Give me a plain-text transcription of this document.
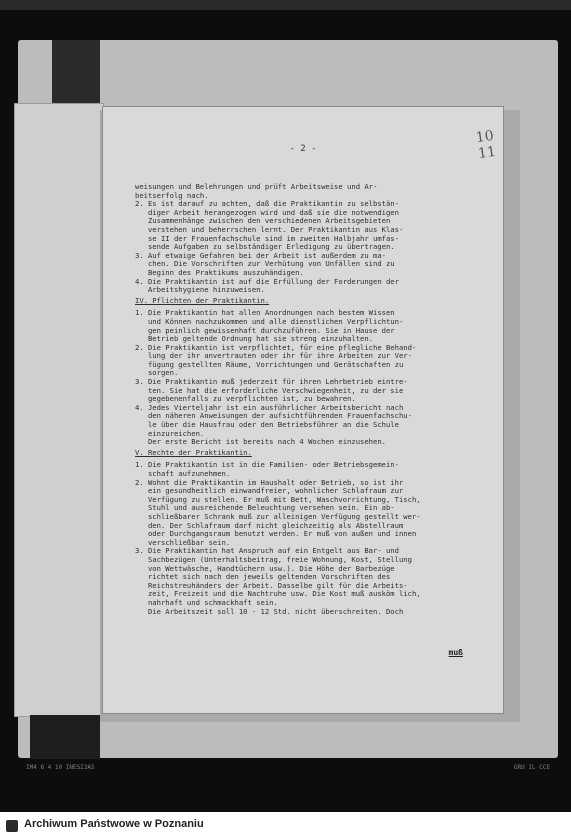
10
11
- 2 -
weisungen und Belehrungen und prüft Arbeitsweise und Ar-
beitserfolg nach.
2. Es ist darauf zu achten, daß die Praktikantin zu selbstän-
diger Arbeit herangezogen wird und daß sie die notwendigen
Zusammenhänge zwischen den verschiedenen Arbeitsgebieten
verstehen und beherrschen lernt. Der Praktikantin aus Klas-
se II der Frauenfachschule sind im zweiten Halbjahr umfas-
sende Aufgaben zu selbständiger Erledigung zu übertragen.
3. Auf etwaige Gefahren bei der Arbeit ist außerdem zu ma-
chen. Die Vorschriften zur Verhütung von Unfällen sind zu
Beginn des Praktikums auszuhändigen.
4. Die Praktikantin ist auf die Erfüllung der Forderungen der
Arbeitshygiene hinzuweisen.
IV. Pflichten der Praktikantin.
1. Die Praktikantin hat allen Anordnungen nach bestem Wissen
und Können nachzukommen und alle dienstlichen Verpflichtun-
gen peinlich gewissenhaft durchzuführen. Sie in Hause der
Betrieb geltende Ordnung hat sie streng einzuhalten.
2. Die Praktikantin ist verpflichtet, für eine pflegliche Behand-
lung der ihr anvertrauten oder ihr für ihre Arbeiten zur Ver-
fügung gestellten Räume, Vorrichtungen und Gerätschaften zu
sorgen.
3. Die Praktikantin muß jederzeit für ihren Lehrbetrieb eintre-
ten. Sie hat die erforderliche Verschwiegenheit, zu der sie
gegebenenfalls zu verpflichten ist, zu bewahren.
4. Jedes Vierteljahr ist ein ausführlicher Arbeitsbericht nach
den näheren Anweisungen der aufsichtführenden Frauenfachschu-
le über die Hausfrau oder den Betriebsführer an die Schule
einzureichen.
Der erste Bericht ist bereits nach 4 Wochen einzusehen.
V. Rechte der Praktikantin.
1. Die Praktikantin ist in die Familien- oder Betriebsgemein-
schaft aufzunehmen.
2. Wohnt die Praktikantin im Haushalt oder Betrieb, so ist ihr
ein gesundheitlich einwandfreier, wohnlicher Schlafraum zur
Verfügung zu stellen. Er muß mit Bett, Waschvorrichtung, Tisch,
Stuhl und ausreichende Beleuchtung versehen sein. Ein ab-
schließbarer Schrank muß zur alleinigen Verfügung gestellt wer-
den. Der Schlafraum darf nicht gleichzeitig als Abstellraum
oder Durchgangsraum benutzt werden. Er muß von außen und innen
verschließbar sein.
3. Die Praktikantin hat Anspruch auf ein Entgelt aus Bar- und
Sachbezügen (Unterhaltsbeitrag, freie Wohnung, Kost, Stellung
von Wettwäsche, Handtüchern usw.). Die Höhe der Barbezüge
richtet sich nach den jeweils geltenden Vorschriften des
Reichstreuhänders der Arbeit. Dasselbe gilt für die Arbeits-
zeit, Freizeit und die Nachtruhe usw. Die Kost muß ausköm lich,
nahrhaft und schmackhaft sein.
Die Arbeitszeit soll 10 - 12 Std. nicht überschreiten. Doch
muß
IM4 6 4 10 INESI3A5	GRU IL CCE
Archiwum Państwowe w Poznaniu
